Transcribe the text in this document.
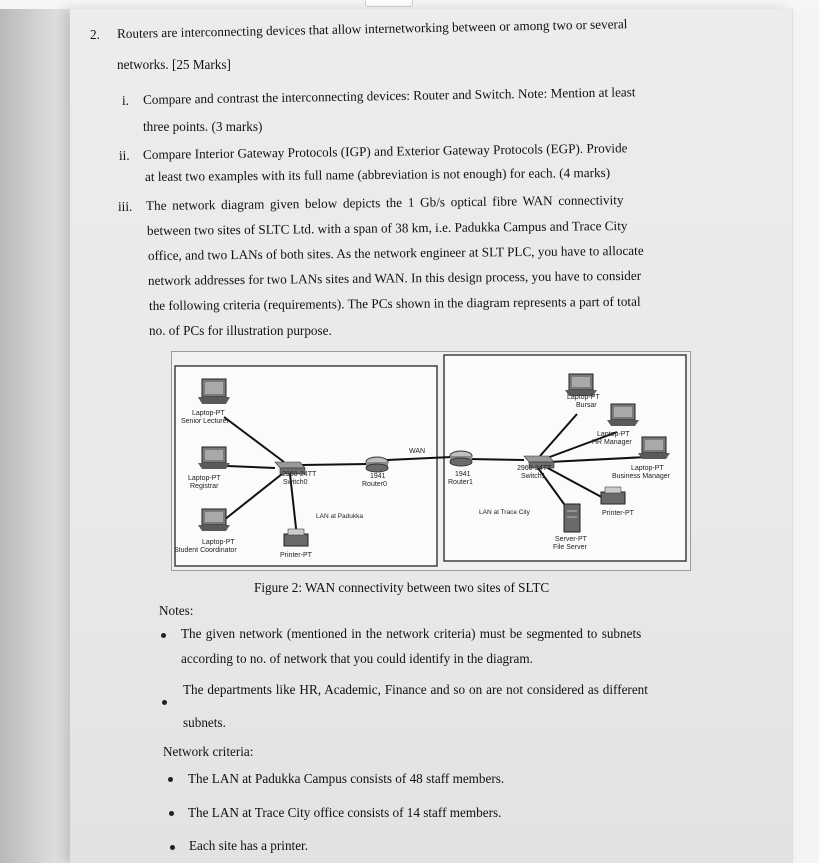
2. Routers are interconnecting devices that allow internetworking between or among two or several
networks. [25 Marks]
i. Compare and contrast the interconnecting devices: Router and Switch. Note: Mention at least
three points. (3 marks)
ii. Compare Interior Gateway Protocols (IGP) and Exterior Gateway Protocols (EGP). Provide
at least two examples with its full name (abbreviation is not enough) for each. (4 marks)
iii. The network diagram given below depicts the 1 Gb/s optical fibre WAN connectivity
between two sites of SLTC Ltd. with a span of 38 km, i.e. Padukka Campus and Trace City
office, and two LANs of both sites. As the network engineer at SLT PLC, you have to allocate
network addresses for two LANs sites and WAN. In this design process, you have to consider
the following criteria (requirements). The PCs shown in the diagram represents a part of total
no. of PCs for illustration purpose.
Laptop-PT
Senior Lecturer
Laptop-PT
Registrar
Laptop-PT
Student Coordinator
2960-24TT
Switch0
Printer-PT
1941
Router0
LAN at Padukka
WAN
1941
Router1
2960-24TT
Switch1
LAN at Trace City
Laptop-PT
Bursar
Laptop-PT
HR Manager
Laptop-PT
Business Manager
Printer-PT
Server-PT
File Server
Figure 2: WAN connectivity between two sites of SLTC
Notes:
The given network (mentioned in the network criteria) must be segmented to subnets
according to no. of network that you could identify in the diagram.
The departments like HR, Academic, Finance and so on are not considered as different
subnets.
Network criteria:
The LAN at Padukka Campus consists of 48 staff members.
The LAN at Trace City office consists of 14 staff members.
Each site has a printer.
